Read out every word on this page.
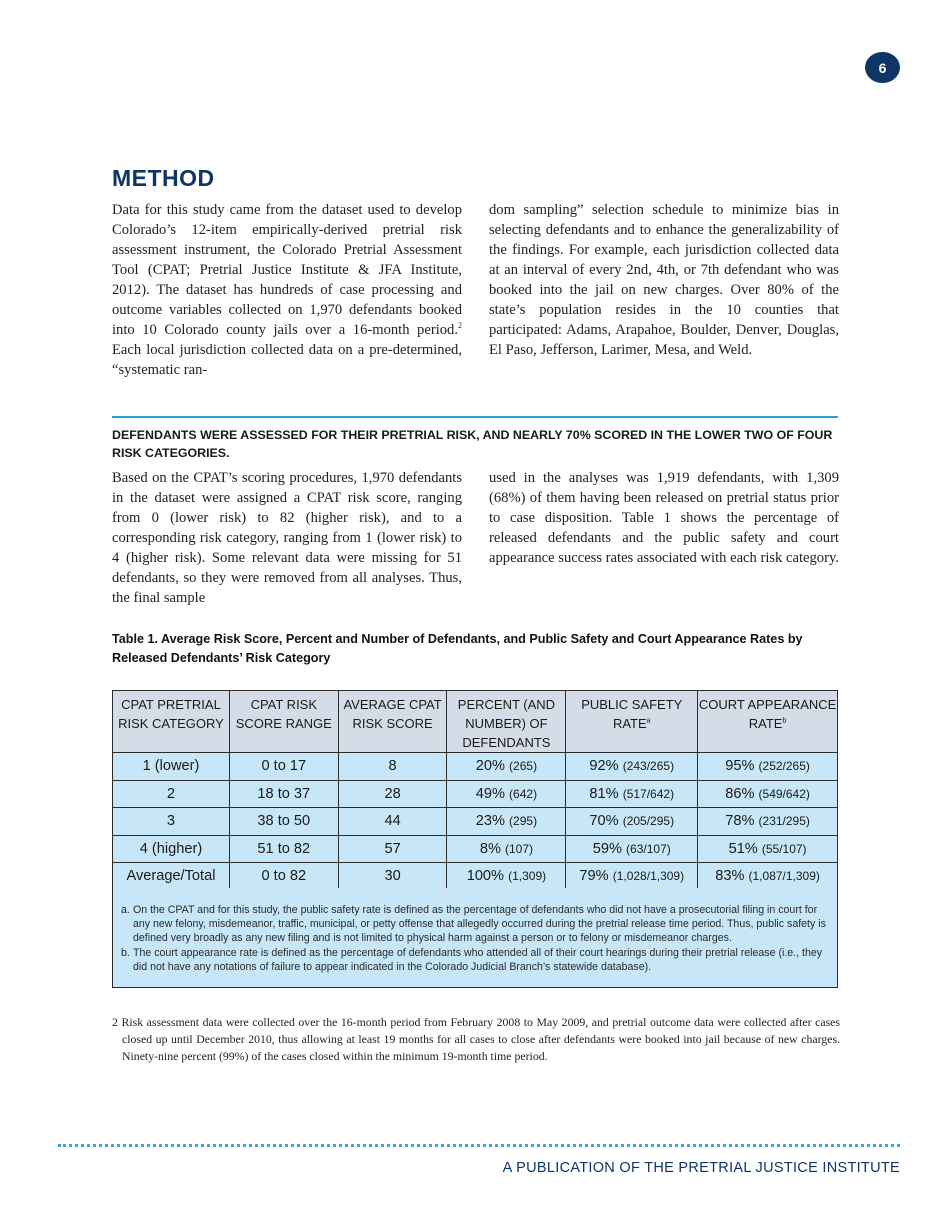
6
METHOD

Data for this study came from the dataset used to develop Colorado’s 12-item empirically-derived pretrial risk assessment instrument, the Colorado Pretrial Assessment Tool (CPAT; Pretrial Justice Institute & JFA Institute, 2012). The dataset has hundreds of case processing and outcome variables collected on 1,970 defendants booked into 10 Colorado county jails over a 16-month period.$^2$ Each local jurisdiction collected data on a pre-determined, “systematic ran-

dom sampling” selection schedule to minimize bias in selecting defendants and to enhance the generalizability of the findings. For example, each jurisdiction collected data at an interval of every 2nd, 4th, or 7th defendant who was booked into the jail on new charges. Over 80% of the state’s population resides in the 10 counties that participated: Adams, Arapahoe, Boulder, Denver, Douglas, El Paso, Jefferson, Larimer, Mesa, and Weld.

DEFENDANTS WERE ASSESSED FOR THEIR PRETRIAL RISK, AND NEARLY 70% SCORED IN THE LOWER TWO OF FOUR RISK CATEGORIES.

Based on the CPAT’s scoring procedures, 1,970 defendants in the dataset were assigned a CPAT risk score, ranging from 0 (lower risk) to 82 (higher risk), and to a corresponding risk category, ranging from 1 (lower risk) to 4 (higher risk). Some relevant data were missing for 51 defendants, so they were removed from all analyses. Thus, the final sample

used in the analyses was 1,919 defendants, with 1,309 (68%) of them having been released on pretrial status prior to case disposition. Table 1 shows the percentage of released defendants and the public safety and court appearance success rates associated with each risk category.

Table 1. Average Risk Score, Percent and Number of Defendants, and Public Safety and Court Appearance Rates by Released Defendants’ Risk Category
CPAT PRETRIAL RISK CATEGORY	CPAT RISK SCORE RANGE	AVERAGE CPAT RISK SCORE	PERCENT (AND NUMBER) OF DEFENDANTS	PUBLIC SAFETY RATE$^a$	COURT APPEARANCE RATE$^b$
1 (lower)	0 to 17	8	20% (265)	92% (243/265)	95% (252/265)
2	18 to 37	28	49% (642)	81% (517/642)	86% (549/642)
3	38 to 50	44	23% (295)	70% (205/295)	78% (231/295)
4 (higher)	51 to 82	57	8% (107)	59% (63/107)	51% (55/107)
Average/Total	0 to 82	30	100% (1,309)	79% (1,028/1,309)	83% (1,087/1,309)
a. On the CPAT and for this study, the public safety rate is defined as the percentage of defendants who did not have a prosecutorial filing in court for any new felony, misdemeanor, traffic, municipal, or petty offense that allegedly occurred during the pretrial release time period. Thus, public safety is defined very broadly as any new filing and is not limited to physical harm against a person or to felony or misdemeanor charges.
b. The court appearance rate is defined as the percentage of defendants who attended all of their court hearings during their pretrial release (i.e., they did not have any notations of failure to appear indicated in the Colorado Judicial Branch’s statewide database).

2 Risk assessment data were collected over the 16-month period from February 2008 to May 2009, and pretrial outcome data were collected after cases closed up until December 2010, thus allowing at least 19 months for all cases to close after defendants were booked into jail because of new charges. Ninety-nine percent (99%) of the cases closed within the minimum 19-month time period.

A PUBLICATION OF THE PRETRIAL JUSTICE INSTITUTE
